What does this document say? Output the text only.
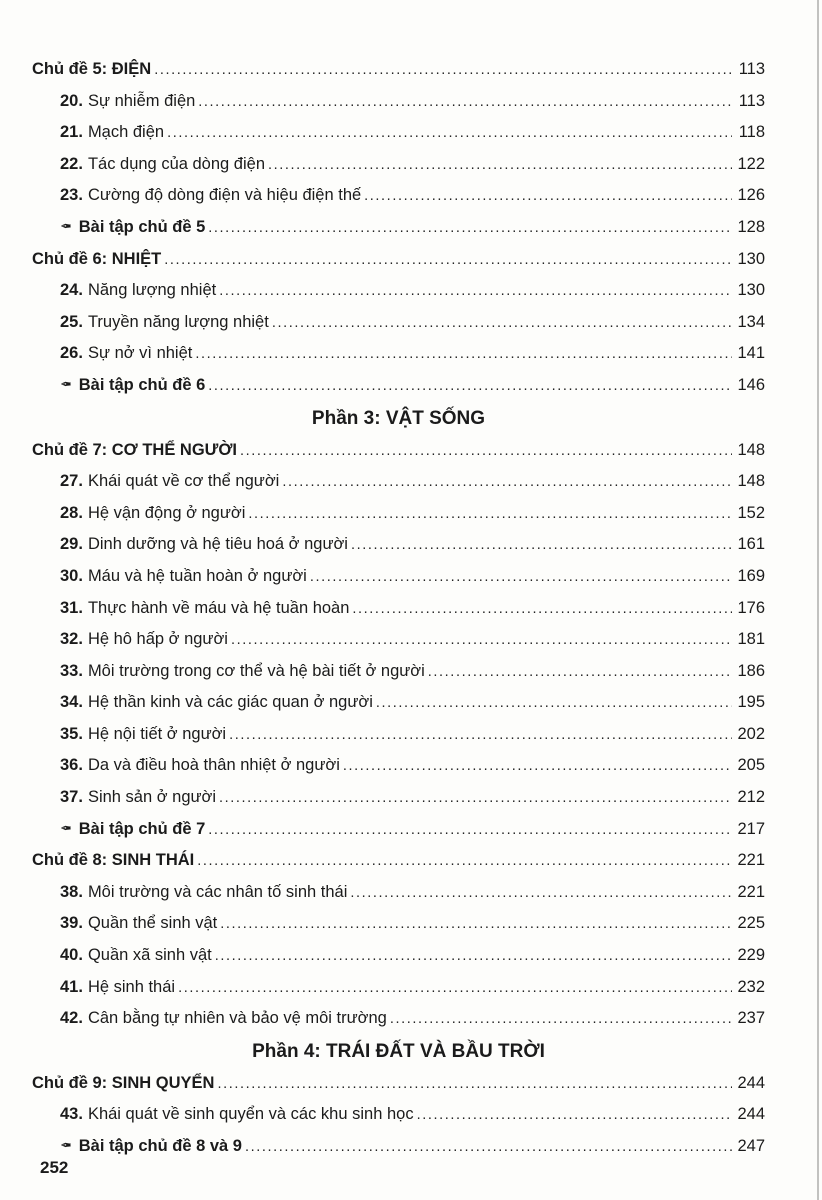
Chủ đề 5: ĐIỆN .....	113
20. Sự nhiễm điện .....	113
21. Mạch điện .....	118
22. Tác dụng của dòng điện .....	122
23. Cường độ dòng điện và hiệu điện thế .....	126
✒ Bài tập chủ đề 5 .....	128
Chủ đề 6: NHIỆT .....	130
24. Năng lượng nhiệt .....	130
25. Truyền năng lượng nhiệt .....	134
26. Sự nở vì nhiệt .....	141
✒ Bài tập chủ đề 6 .....	146
Phần 3: VẬT SỐNG
Chủ đề 7: CƠ THỂ NGƯỜI .....	148
27. Khái quát về cơ thể người .....	148
28. Hệ vận động ở người .....	152
29. Dinh dưỡng và hệ tiêu hoá ở người .....	161
30. Máu và hệ tuần hoàn ở người .....	169
31. Thực hành về máu và hệ tuần hoàn .....	176
32. Hệ hô hấp ở người .....	181
33. Môi trường trong cơ thể và hệ bài tiết ở người .....	186
34. Hệ thần kinh và các giác quan ở người .....	195
35. Hệ nội tiết ở người .....	202
36. Da và điều hoà thân nhiệt ở người .....	205
37. Sinh sản ở người .....	212
✒ Bài tập chủ đề 7 .....	217
Chủ đề 8: SINH THÁI .....	221
38. Môi trường và các nhân tố sinh thái .....	221
39. Quần thể sinh vật .....	225
40. Quần xã sinh vật .....	229
41. Hệ sinh thái .....	232
42. Cân bằng tự nhiên và bảo vệ môi trường .....	237
Phần 4: TRÁI ĐẤT VÀ BẦU TRỜI
Chủ đề 9: SINH QUYỂN .....	244
43. Khái quát về sinh quyển và các khu sinh học .....	244
✒ Bài tập chủ đề 8 và 9 .....	247
252
